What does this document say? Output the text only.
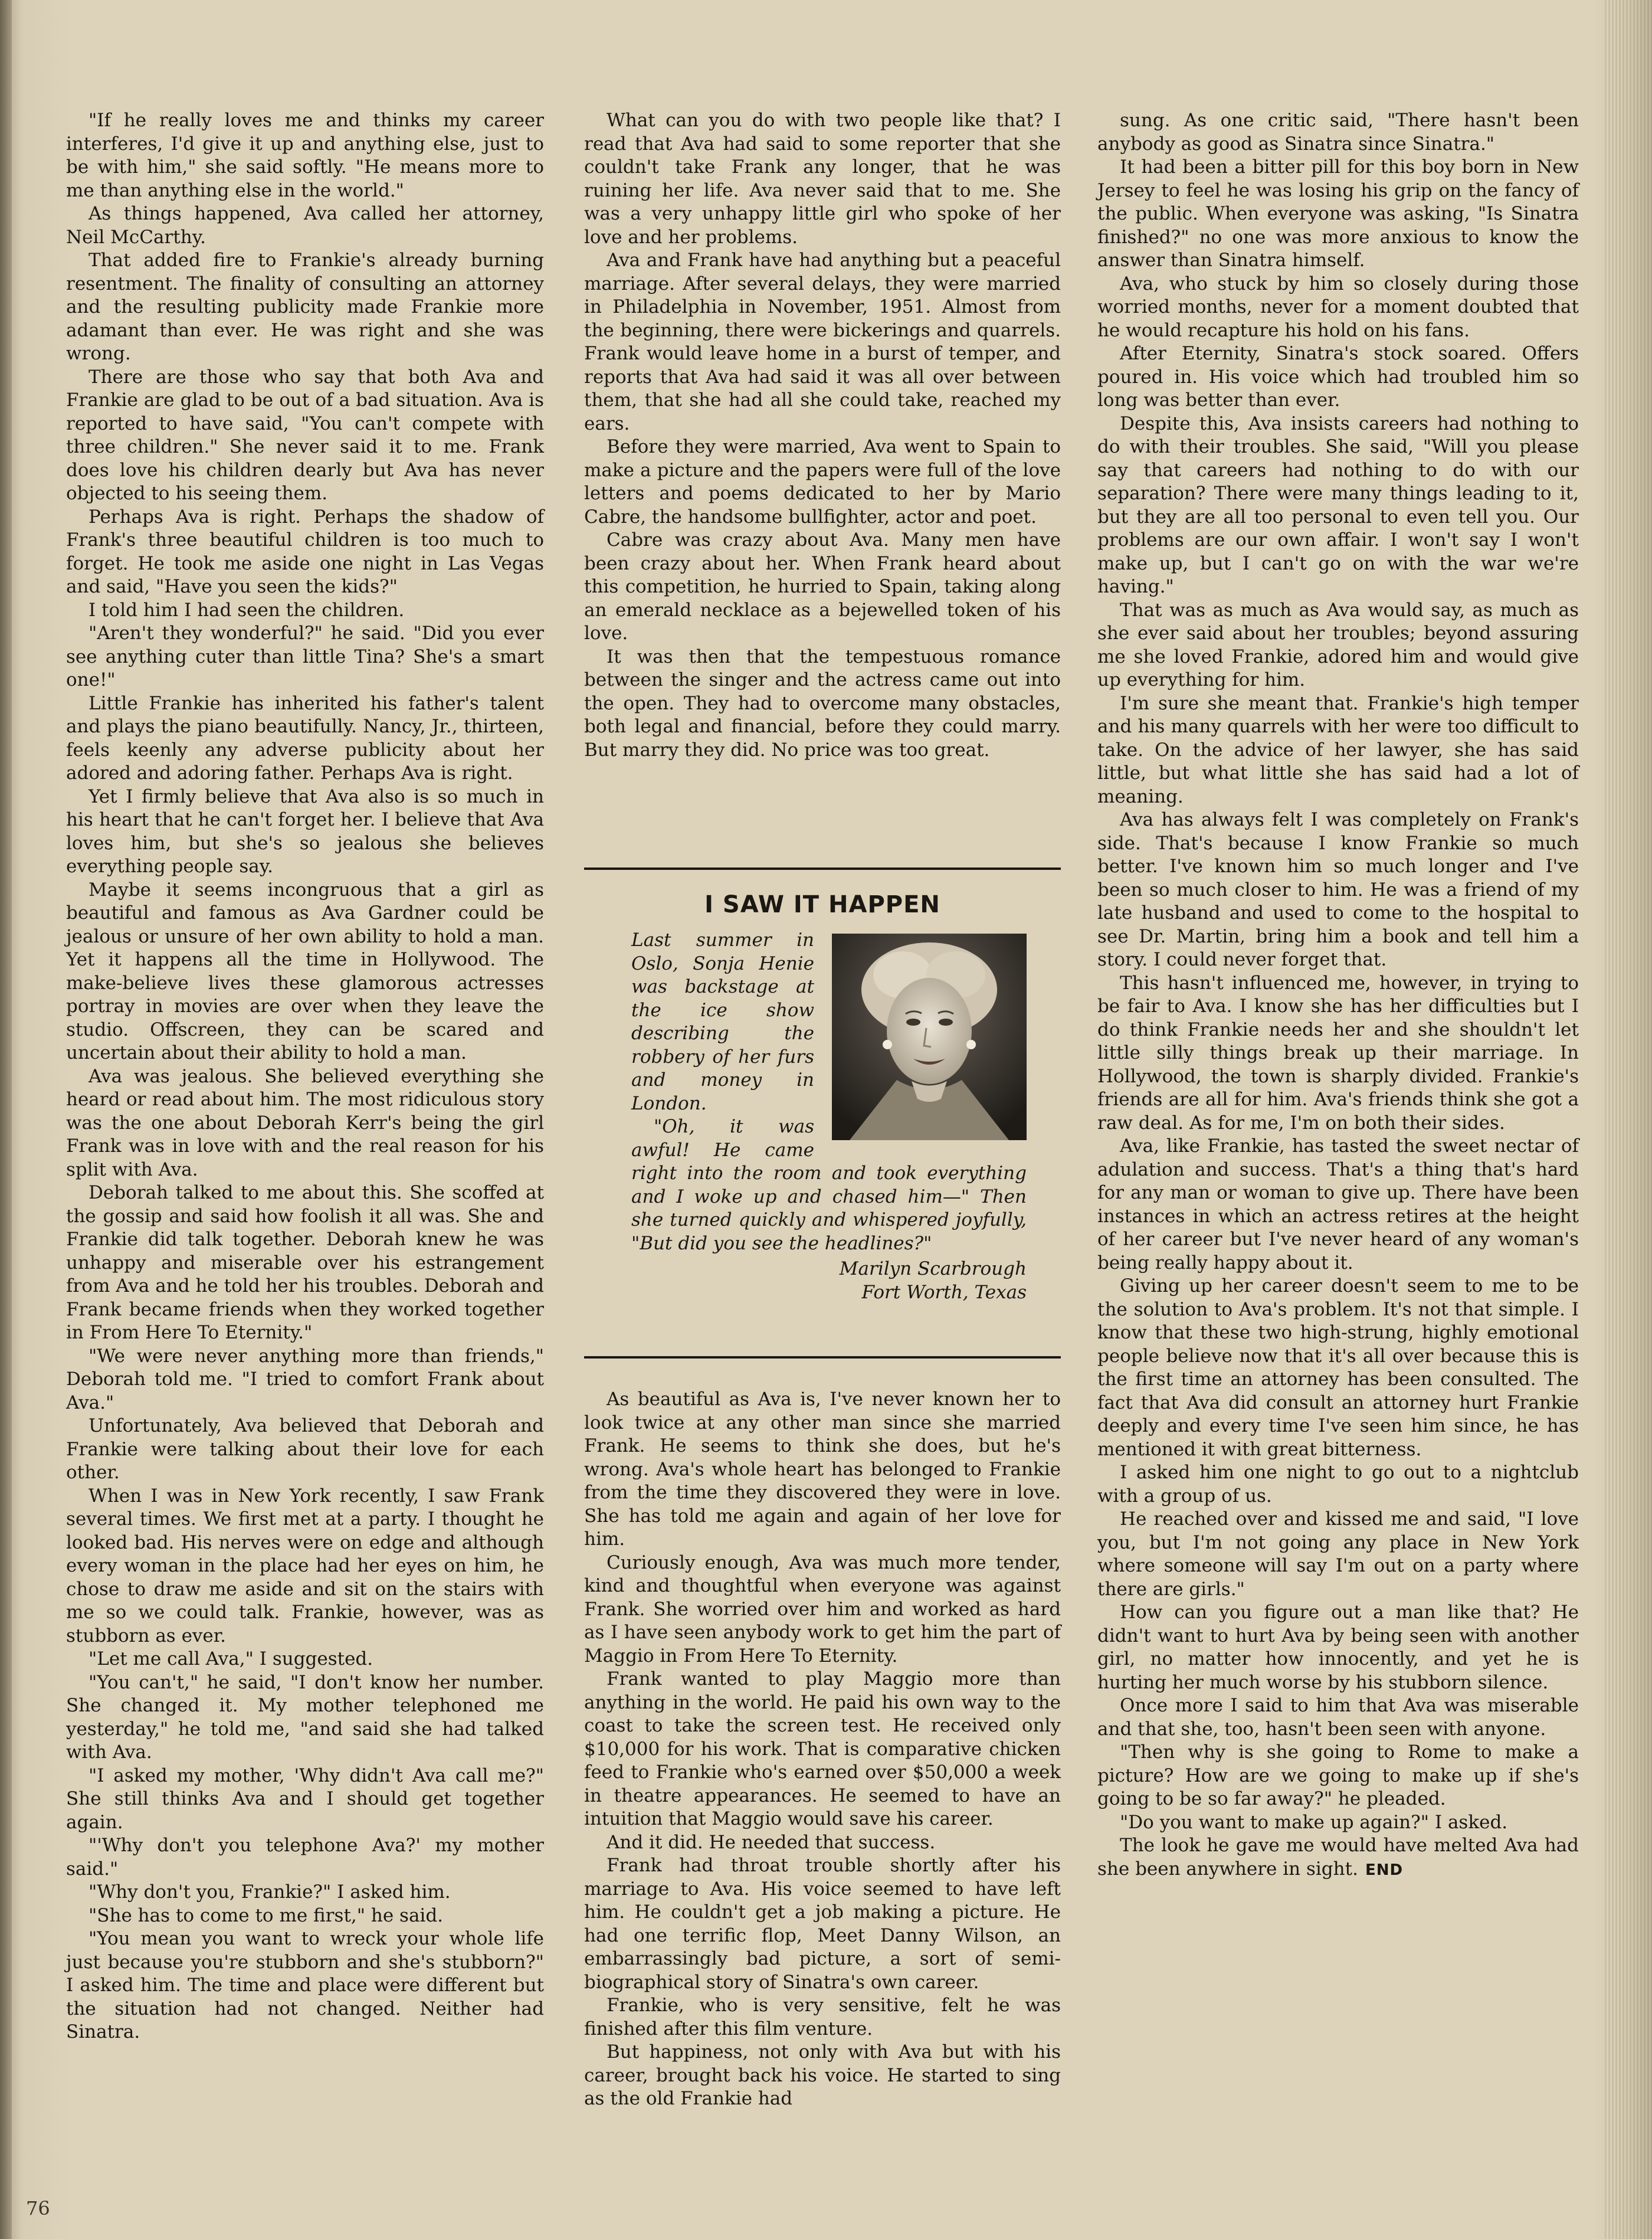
"If he really loves me and thinks my career interferes, I'd give it up and anything else, just to be with him," she said softly. "He means more to me than anything else in the world."

As things happened, Ava called her attorney, Neil McCarthy.

That added fire to Frankie's already burning resentment. The finality of consulting an attorney and the resulting publicity made Frankie more adamant than ever. He was right and she was wrong.

There are those who say that both Ava and Frankie are glad to be out of a bad situation. Ava is reported to have said, "You can't compete with three children." She never said it to me. Frank does love his children dearly but Ava has never objected to his seeing them.

Perhaps Ava is right. Perhaps the shadow of Frank's three beautiful children is too much to forget. He took me aside one night in Las Vegas and said, "Have you seen the kids?"

I told him I had seen the children.

"Aren't they wonderful?" he said. "Did you ever see anything cuter than little Tina? She's a smart one!"

Little Frankie has inherited his father's talent and plays the piano beautifully. Nancy, Jr., thirteen, feels keenly any adverse publicity about her adored and adoring father. Perhaps Ava is right.

Yet I firmly believe that Ava also is so much in his heart that he can't forget her. I believe that Ava loves him, but she's so jealous she believes everything people say.

Maybe it seems incongruous that a girl as beautiful and famous as Ava Gardner could be jealous or unsure of her own ability to hold a man. Yet it happens all the time in Hollywood. The make-believe lives these glamorous actresses portray in movies are over when they leave the studio. Offscreen, they can be scared and uncertain about their ability to hold a man.

Ava was jealous. She believed everything she heard or read about him. The most ridiculous story was the one about Deborah Kerr's being the girl Frank was in love with and the real reason for his split with Ava.

Deborah talked to me about this. She scoffed at the gossip and said how foolish it all was. She and Frankie did talk together. Deborah knew he was unhappy and miserable over his estrangement from Ava and he told her his troubles. Deborah and Frank became friends when they worked together in From Here To Eternity."

"We were never anything more than friends," Deborah told me. "I tried to comfort Frank about Ava."

Unfortunately, Ava believed that Deborah and Frankie were talking about their love for each other.

When I was in New York recently, I saw Frank several times. We first met at a party. I thought he looked bad. His nerves were on edge and although every woman in the place had her eyes on him, he chose to draw me aside and sit on the stairs with me so we could talk. Frankie, however, was as stubborn as ever.

"Let me call Ava," I suggested.

"You can't," he said, "I don't know her number. She changed it. My mother telephoned me yesterday," he told me, "and said she had talked with Ava.

"I asked my mother, 'Why didn't Ava call me?" She still thinks Ava and I should get together again.

"'Why don't you telephone Ava?' my mother said."

"Why don't you, Frankie?" I asked him.

"She has to come to me first," he said.

"You mean you want to wreck your whole life just because you're stubborn and she's stubborn?" I asked him. The time and place were different but the situation had not changed. Neither had Sinatra.

What can you do with two people like that? I read that Ava had said to some reporter that she couldn't take Frank any longer, that he was ruining her life. Ava never said that to me. She was a very unhappy little girl who spoke of her love and her problems.

Ava and Frank have had anything but a peaceful marriage. After several delays, they were married in Philadelphia in November, 1951. Almost from the beginning, there were bickerings and quarrels. Frank would leave home in a burst of temper, and reports that Ava had said it was all over between them, that she had all she could take, reached my ears.

Before they were married, Ava went to Spain to make a picture and the papers were full of the love letters and poems dedicated to her by Mario Cabre, the handsome bullfighter, actor and poet.

Cabre was crazy about Ava. Many men have been crazy about her. When Frank heard about this competition, he hurried to Spain, taking along an emerald necklace as a bejewelled token of his love.

It was then that the tempestuous romance between the singer and the actress came out into the open. They had to overcome many obstacles, both legal and financial, before they could marry. But marry they did. No price was too great.

I SAW IT HAPPEN

Last summer in Oslo, Sonja Henie was backstage at the ice show describing the robbery of her furs and money in London.

"Oh, it was awful! He came right into the room and took everything and I woke up and chased him—" Then she turned quickly and whispered joyfully, "But did you see the headlines?"

Marilyn Scarbrough
Fort Worth, Texas

As beautiful as Ava is, I've never known her to look twice at any other man since she married Frank. He seems to think she does, but he's wrong. Ava's whole heart has belonged to Frankie from the time they discovered they were in love. She has told me again and again of her love for him.

Curiously enough, Ava was much more tender, kind and thoughtful when everyone was against Frank. She worried over him and worked as hard as I have seen anybody work to get him the part of Maggio in From Here To Eternity.

Frank wanted to play Maggio more than anything in the world. He paid his own way to the coast to take the screen test. He received only $10,000 for his work. That is comparative chicken feed to Frankie who's earned over $50,000 a week in theatre appearances. He seemed to have an intuition that Maggio would save his career.

And it did. He needed that success.

Frank had throat trouble shortly after his marriage to Ava. His voice seemed to have left him. He couldn't get a job making a picture. He had one terrific flop, Meet Danny Wilson, an embarrassingly bad picture, a sort of semi-biographical story of Sinatra's own career.

Frankie, who is very sensitive, felt he was finished after this film venture.

But happiness, not only with Ava but with his career, brought back his voice. He started to sing as the old Frankie had

sung. As one critic said, "There hasn't been anybody as good as Sinatra since Sinatra."

It had been a bitter pill for this boy born in New Jersey to feel he was losing his grip on the fancy of the public. When everyone was asking, "Is Sinatra finished?" no one was more anxious to know the answer than Sinatra himself.

Ava, who stuck by him so closely during those worried months, never for a moment doubted that he would recapture his hold on his fans.

After Eternity, Sinatra's stock soared. Offers poured in. His voice which had troubled him so long was better than ever.

Despite this, Ava insists careers had nothing to do with their troubles. She said, "Will you please say that careers had nothing to do with our separation? There were many things leading to it, but they are all too personal to even tell you. Our problems are our own affair. I won't say I won't make up, but I can't go on with the war we're having."

That was as much as Ava would say, as much as she ever said about her troubles; beyond assuring me she loved Frankie, adored him and would give up everything for him.

I'm sure she meant that. Frankie's high temper and his many quarrels with her were too difficult to take. On the advice of her lawyer, she has said little, but what little she has said had a lot of meaning.

Ava has always felt I was completely on Frank's side. That's because I know Frankie so much better. I've known him so much longer and I've been so much closer to him. He was a friend of my late husband and used to come to the hospital to see Dr. Martin, bring him a book and tell him a story. I could never forget that.

This hasn't influenced me, however, in trying to be fair to Ava. I know she has her difficulties but I do think Frankie needs her and she shouldn't let little silly things break up their marriage. In Hollywood, the town is sharply divided. Frankie's friends are all for him. Ava's friends think she got a raw deal. As for me, I'm on both their sides.

Ava, like Frankie, has tasted the sweet nectar of adulation and success. That's a thing that's hard for any man or woman to give up. There have been instances in which an actress retires at the height of her career but I've never heard of any woman's being really happy about it.

Giving up her career doesn't seem to me to be the solution to Ava's problem. It's not that simple. I know that these two high-strung, highly emotional people believe now that it's all over because this is the first time an attorney has been consulted. The fact that Ava did consult an attorney hurt Frankie deeply and every time I've seen him since, he has mentioned it with great bitterness.

I asked him one night to go out to a nightclub with a group of us.

He reached over and kissed me and said, "I love you, but I'm not going any place in New York where someone will say I'm out on a party where there are girls."

How can you figure out a man like that? He didn't want to hurt Ava by being seen with another girl, no matter how innocently, and yet he is hurting her much worse by his stubborn silence.

Once more I said to him that Ava was miserable and that she, too, hasn't been seen with anyone.

"Then why is she going to Rome to make a picture? How are we going to make up if she's going to be so far away?" he pleaded.

"Do you want to make up again?" I asked.

The look he gave me would have melted Ava had she been anywhere in sight. END

76
